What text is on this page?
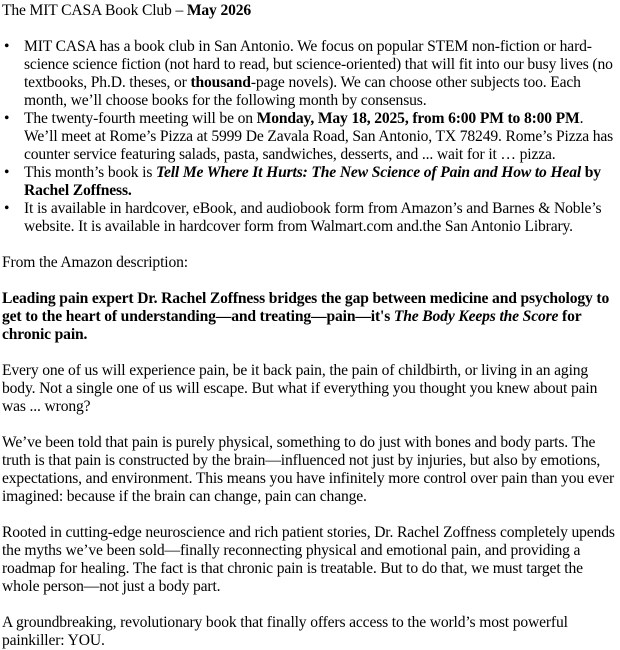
The MIT CASA Book Club – May 2026
• MIT CASA has a book club in San Antonio. We focus on popular STEM non-fiction or hard-science science fiction (not hard to read, but science-oriented) that will fit into our busy lives (no textbooks, Ph.D. theses, or thousand-page novels). We can choose other subjects too. Each month, we’ll choose books for the following month by consensus.
• The twenty-fourth meeting will be on Monday, May 18, 2025, from 6:00 PM to 8:00 PM. We’ll meet at Rome’s Pizza at 5999 De Zavala Road, San Antonio, TX 78249. Rome’s Pizza has counter service featuring salads, pasta, sandwiches, desserts, and ... wait for it … pizza.
• This month’s book is Tell Me Where It Hurts: The New Science of Pain and How to Heal by Rachel Zoffness.
• It is available in hardcover, eBook, and audiobook form from Amazon’s and Barnes & Noble’s website. It is available in hardcover form from Walmart.com and.the San Antonio Library.

From the Amazon description:

Leading pain expert Dr. Rachel Zoffness bridges the gap between medicine and psychology to get to the heart of understanding—and treating—pain—it's The Body Keeps the Score for chronic pain.

Every one of us will experience pain, be it back pain, the pain of childbirth, or living in an aging body. Not a single one of us will escape. But what if everything you thought you knew about pain was ... wrong?

We’ve been told that pain is purely physical, something to do just with bones and body parts. The truth is that pain is constructed by the brain—influenced not just by injuries, but also by emotions, expectations, and environment. This means you have infinitely more control over pain than you ever imagined: because if the brain can change, pain can change.

Rooted in cutting-edge neuroscience and rich patient stories, Dr. Rachel Zoffness completely upends the myths we’ve been sold—finally reconnecting physical and emotional pain, and providing a roadmap for healing. The fact is that chronic pain is treatable. But to do that, we must target the whole person—not just a body part.

A groundbreaking, revolutionary book that finally offers access to the world’s most powerful painkiller: YOU.
